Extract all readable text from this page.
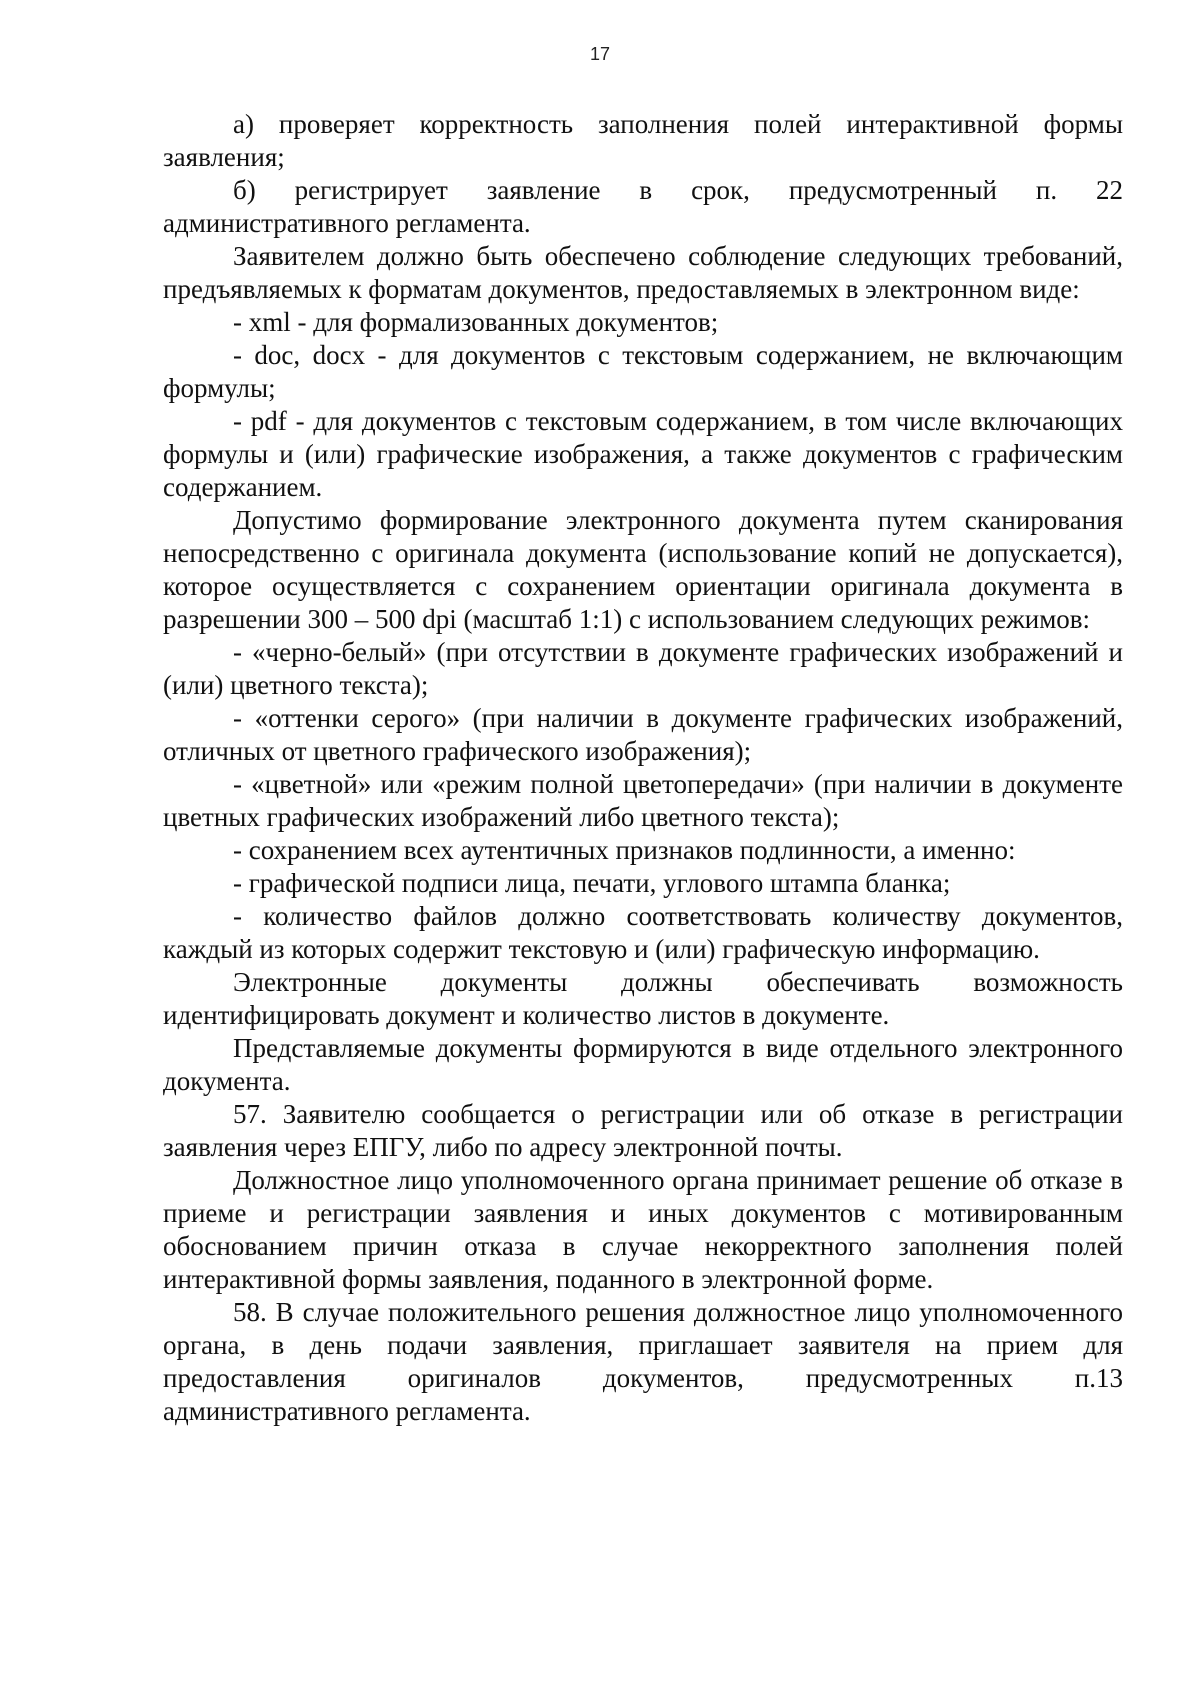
17

а) проверяет корректность заполнения полей интерактивной формы заявления;

б) регистрирует заявление в срок, предусмотренный п. 22 административного регламента.

Заявителем должно быть обеспечено соблюдение следующих требований, предъявляемых к форматам документов, предоставляемых в электронном виде:

- xml - для формализованных документов;

- doc, docx - для документов с текстовым содержанием, не включающим формулы;

- pdf - для документов с текстовым содержанием, в том числе включающих формулы и (или) графические изображения, а также документов с графическим содержанием.

Допустимо формирование электронного документа путем сканирования непосредственно с оригинала документа (использование копий не допускается), которое осуществляется с сохранением ориентации оригинала документа в разрешении 300 – 500 dpi (масштаб 1:1) с использованием следующих режимов:

- «черно-белый» (при отсутствии в документе графических изображений и (или) цветного текста);

- «оттенки серого» (при наличии в документе графических изображений, отличных от цветного графического изображения);

- «цветной» или «режим полной цветопередачи» (при наличии в документе цветных графических изображений либо цветного текста);

- сохранением всех аутентичных признаков подлинности, а именно:

- графической подписи лица, печати, углового штампа бланка;

- количество файлов должно соответствовать количеству документов, каждый из которых содержит текстовую и (или) графическую информацию.

Электронные документы должны обеспечивать возможность идентифицировать документ и количество листов в документе.

Представляемые документы формируются в виде отдельного электронного документа.

57. Заявителю сообщается о регистрации или об отказе в регистрации заявления через ЕПГУ, либо по адресу электронной почты.

Должностное лицо уполномоченного органа принимает решение об отказе в приеме и регистрации заявления и иных документов с мотивированным обоснованием причин отказа в случае некорректного заполнения полей интерактивной формы заявления, поданного в электронной форме.

58. В случае положительного решения должностное лицо уполномоченного органа, в день подачи заявления, приглашает заявителя на прием для предоставления оригиналов документов, предусмотренных п.13 административного регламента.
